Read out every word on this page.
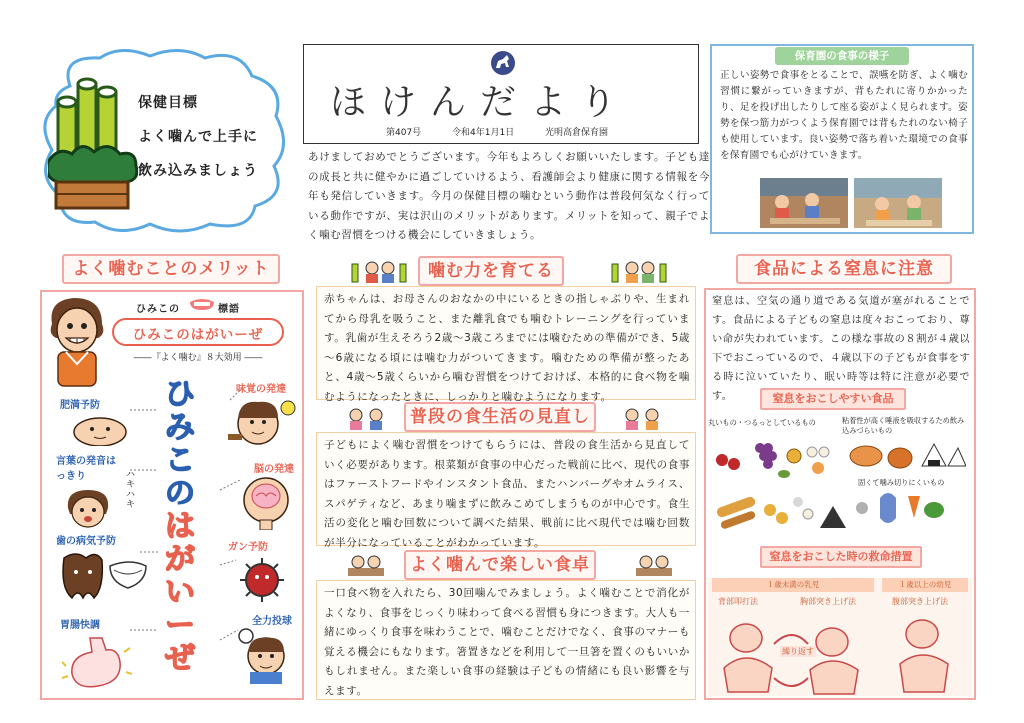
保健目標
よく噛んで上手に
飲み込みましょう
ほけんだより
第407号	令和4年1月1日	光明高倉保育園
あけましておめでとうございます。今年もよろしくお願いいたします。子ども達の成長と共に健やかに過ごしていけるよう、看護師会より健康に関する情報を今年も発信していきます。今月の保健目標の噛むという動作は普段何気なく行っている動作ですが、実は沢山のメリットがあります。メリットを知って、親子でよく噛む習慣をつける機会にしていきましょう。
保育園の食事の様子
正しい姿勢で食事をとることで、誤嚥を防ぎ、よく噛む習慣に繋がっていきますが、背もたれに寄りかかったり、足を投げ出したりして座る姿がよく見られます。姿勢を保つ筋力がつくよう保育園では背もたれのない椅子も使用しています。良い姿勢で落ち着いた環境での食事を保育園でも心がけていきます。
よく噛むことのメリット
ひみこの	標語
ひみこのはがいーぜ
――『よく噛む』８大効用 ――
ひ
み
こ
の
は
が
い
ー
ぜ
肥満予防
言葉の発音はっきり	ハキハキ
歯の病気予防
胃腸快調
味覚の発達
脳の発達
ガン予防
全力投球
噛む力を育てる
赤ちゃんは、お母さんのおなかの中にいるときの指しゃぶりや、生まれてから母乳を吸うこと、また離乳食でも噛むトレーニングを行っています。乳歯が生えそろう2歳～3歳ころまでには噛むための準備ができ、5歳～6歳になる頃には噛む力がついてきます。噛むための準備が整ったあと、4歳～5歳くらいから噛む習慣をつけておけば、本格的に食べ物を噛むようになったときに、しっかりと噛むようになります。
普段の食生活の見直し
子どもによく噛む習慣をつけてもらうには、普段の食生活から見直していく必要があります。根菜類が食事の中心だった戦前に比べ、現代の食事はファーストフードやインスタント食品、またハンバーグやオムライス、スパゲティなど、あまり噛まずに飲みこめてしまうものが中心です。食生活の変化と噛む回数について調べた結果、戦前に比べ現代では噛む回数が半分になっていることがわかっています。
よく噛んで楽しい食卓
一口食べ物を入れたら、30回噛んでみましょう。よく噛むことで消化がよくなり、食事をじっくり味わって食べる習慣も身につきます。大人も一緒にゆっくり食事を味わうことで、噛むことだけでなく、食事のマナーも覚える機会にもなります。箸置きなどを利用して一旦箸を置くのもいいかもしれません。また楽しい食事の経験は子どもの情緒にも良い影響を与えます。
食品による窒息に注意
窒息は、空気の通り道である気道が塞がれることです。食品による子どもの窒息は度々おこっており、尊い命が失われています。この様な事故の８割が４歳以下でおこっているので、４歳以下の子どもが食事をする時に泣いていたり、眠い時等は特に注意が必要です。	窒息をおこしやすい食品
丸いもの・つるっとしているもの	粘着性が高く唾液を吸収するため飲み込みづらいもの
固くて噛み切りにくいもの
窒息をおこした時の救命措置
１歳未満の乳児	１歳以上の幼児
背部叩打法	胸部突き上げ法	腹部突き上げ法
繰り返す
